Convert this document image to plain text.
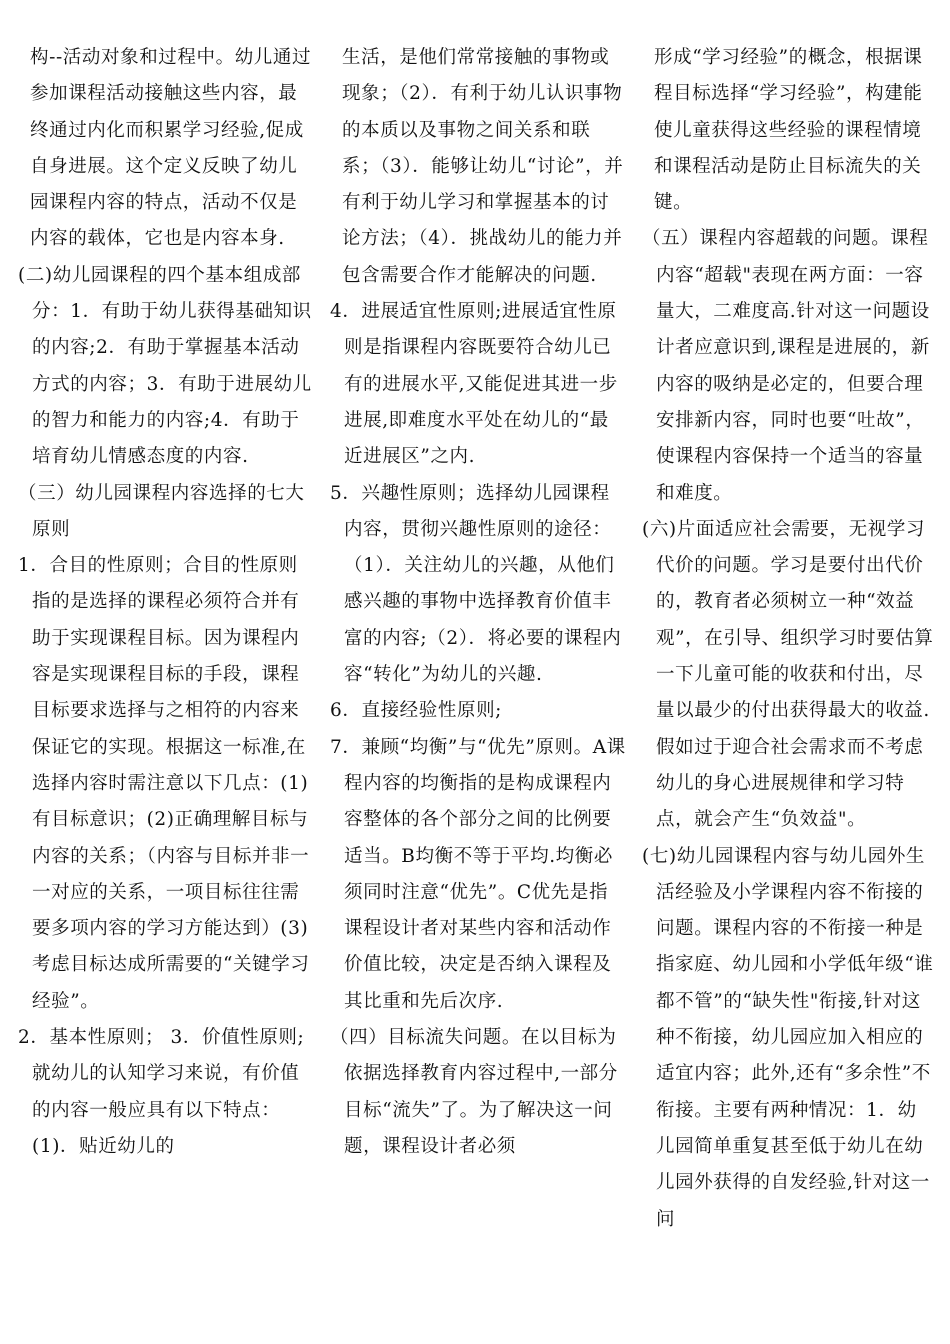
构--活动对象和过程中。幼儿通过参加课程活动接触这些内容，最终通过内化而积累学习经验,促成自身进展。这个定义反映了幼儿园课程内容的特点，活动不仅是内容的载体，它也是内容本身.

(二)幼儿园课程的四个基本组成部分：1．有助于幼儿获得基础知识的内容;2．有助于掌握基本活动方式的内容；3．有助于进展幼儿的智力和能力的内容;4．有助于培育幼儿情感态度的内容.

（三）幼儿园课程内容选择的七大原则

1．合目的性原则；合目的性原则指的是选择的课程必须符合并有助于实现课程目标。因为课程内容是实现课程目标的手段，课程目标要求选择与之相符的内容来保证它的实现。根据这一标准,在选择内容时需注意以下几点：(1) 有目标意识；(2)正确理解目标与内容的关系；（内容与目标并非一一对应的关系，一项目标往往需要多项内容的学习方能达到）(3)考虑目标达成所需要的“关键学习经验”。

2．基本性原则； 3．价值性原则;就幼儿的认知学习来说，有价值的内容一般应具有以下特点：(1)．贴近幼儿的

生活，是他们常常接触的事物或现象；（2）．有利于幼儿认识事物的本质以及事物之间关系和联系；（3）．能够让幼儿“讨论”，并有利于幼儿学习和掌握基本的讨论方法；（4）．挑战幼儿的能力并包含需要合作才能解决的问题.

4．进展适宜性原则;进展适宜性原则是指课程内容既要符合幼儿已有的进展水平,又能促进其进一步进展,即难度水平处在幼儿的“最近进展区”之内.

5．兴趣性原则；选择幼儿园课程内容，贯彻兴趣性原则的途径：（1）．关注幼儿的兴趣，从他们感兴趣的事物中选择教育价值丰富的内容;（2）．将必要的课程内容“转化”为幼儿的兴趣.

6．直接经验性原则;

7．兼顾“均衡”与“优先”原则。A课程内容的均衡指的是构成课程内容整体的各个部分之间的比例要适当。B均衡不等于平均.均衡必须同时注意“优先”。C优先是指课程设计者对某些内容和活动作价值比较，决定是否纳入课程及其比重和先后次序.

（四）目标流失问题。在以目标为依据选择教育内容过程中,一部分目标“流失”了。为了解决这一问题，课程设计者必须

形成“学习经验”的概念，根据课程目标选择“学习经验”，构建能使儿童获得这些经验的课程情境和课程活动是防止目标流失的关键。

（五）课程内容超载的问题。课程内容“超载"表现在两方面：一容量大，二难度高.针对这一问题设计者应意识到,课程是进展的，新内容的吸纳是必定的，但要合理安排新内容，同时也要“吐故”，使课程内容保持一个适当的容量和难度。

(六)片面适应社会需要，无视学习代价的问题。学习是要付出代价的，教育者必须树立一种“效益观”，在引导、组织学习时要估算一下儿童可能的收获和付出，尽量以最少的付出获得最大的收益.假如过于迎合社会需求而不考虑幼儿的身心进展规律和学习特点，就会产生“负效益"。

(七)幼儿园课程内容与幼儿园外生活经验及小学课程内容不衔接的问题。课程内容的不衔接一种是指家庭、幼儿园和小学低年级“谁都不管”的“缺失性"衔接,针对这种不衔接，幼儿园应加入相应的适宜内容；此外,还有“多余性”不衔接。主要有两种情况：1．幼儿园简单重复甚至低于幼儿在幼儿园外获得的自发经验,针对这一问
